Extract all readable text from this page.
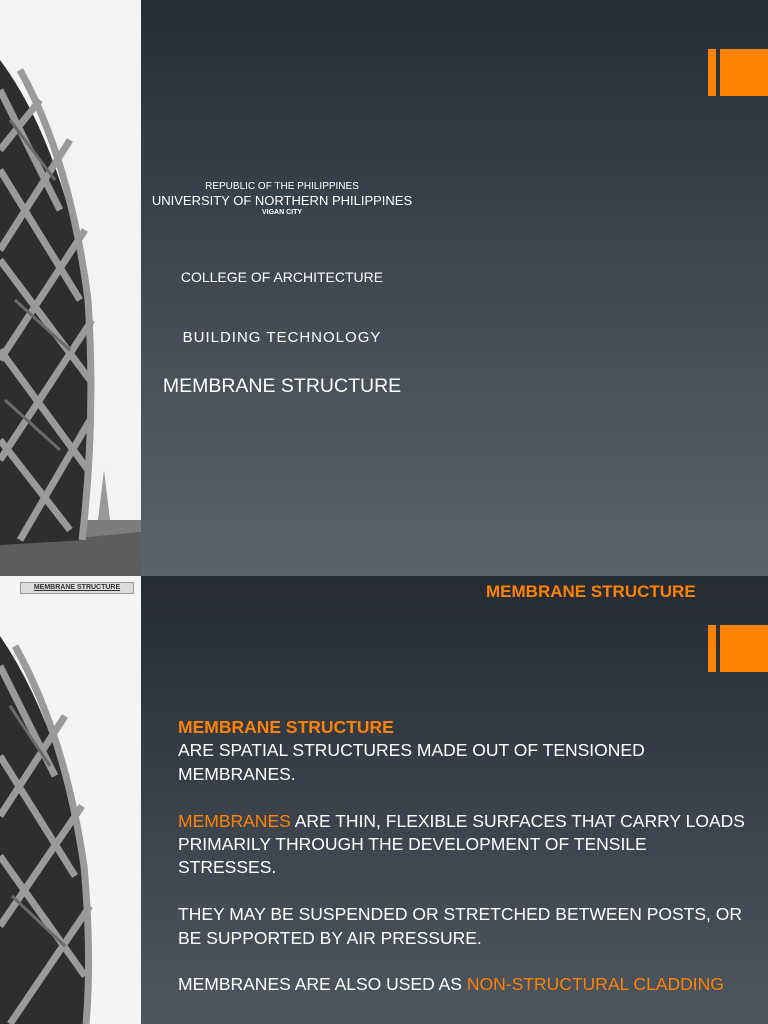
REPUBLIC OF THE PHILIPPINES
UNIVERSITY OF NORTHERN PHILIPPINES
VIGAN CITY
COLLEGE OF ARCHITECTURE
BUILDING TECHNOLOGY
MEMBRANE STRUCTURE
MEMBRANE STRUCTURE	MEMBRANE STRUCTURE

MEMBRANE STRUCTURE
ARE SPATIAL STRUCTURES MADE OUT OF TENSIONED MEMBRANES.

MEMBRANES ARE THIN, FLEXIBLE SURFACES THAT CARRY LOADS PRIMARILY THROUGH THE DEVELOPMENT OF TENSILE STRESSES.

THEY MAY BE SUSPENDED OR STRETCHED BETWEEN POSTS, OR BE SUPPORTED BY AIR PRESSURE.

MEMBRANES ARE ALSO USED AS NON-STRUCTURAL CLADDING
